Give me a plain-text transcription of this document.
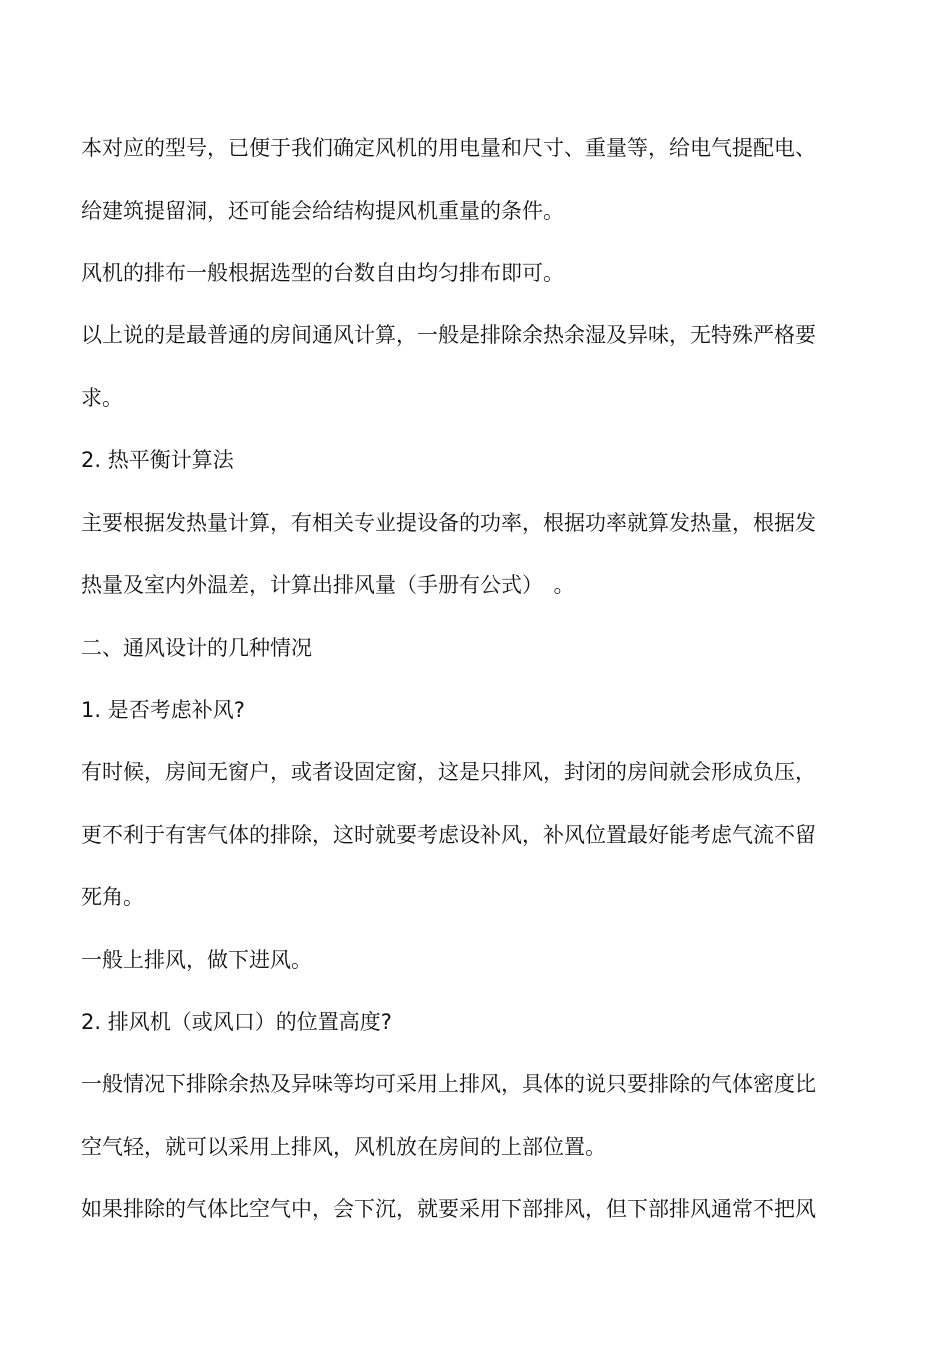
本对应的型号，已便于我们确定风机的用电量和尺寸、重量等，给电气提配电、
给建筑提留洞，还可能会给结构提风机重量的条件。
风机的排布一般根据选型的台数自由均匀排布即可。
以上说的是最普通的房间通风计算，一般是排除余热余湿及异味，无特殊严格要
求。
2. 热平衡计算法
主要根据发热量计算，有相关专业提设备的功率，根据功率就算发热量，根据发
热量及室内外温差，计算出排风量（手册有公式）　。
二、通风设计的几种情况
1. 是否考虑补风?
有时候，房间无窗户，或者设固定窗，这是只排风，封闭的房间就会形成负压，
更不利于有害气体的排除，这时就要考虑设补风，补风位置最好能考虑气流不留
死角。
一般上排风，做下进风。
2. 排风机（或风口）的位置高度?
一般情况下排除余热及异味等均可采用上排风，具体的说只要排除的气体密度比
空气轻，就可以采用上排风，风机放在房间的上部位置。
如果排除的气体比空气中，会下沉，就要采用下部排风，但下部排风通常不把风
